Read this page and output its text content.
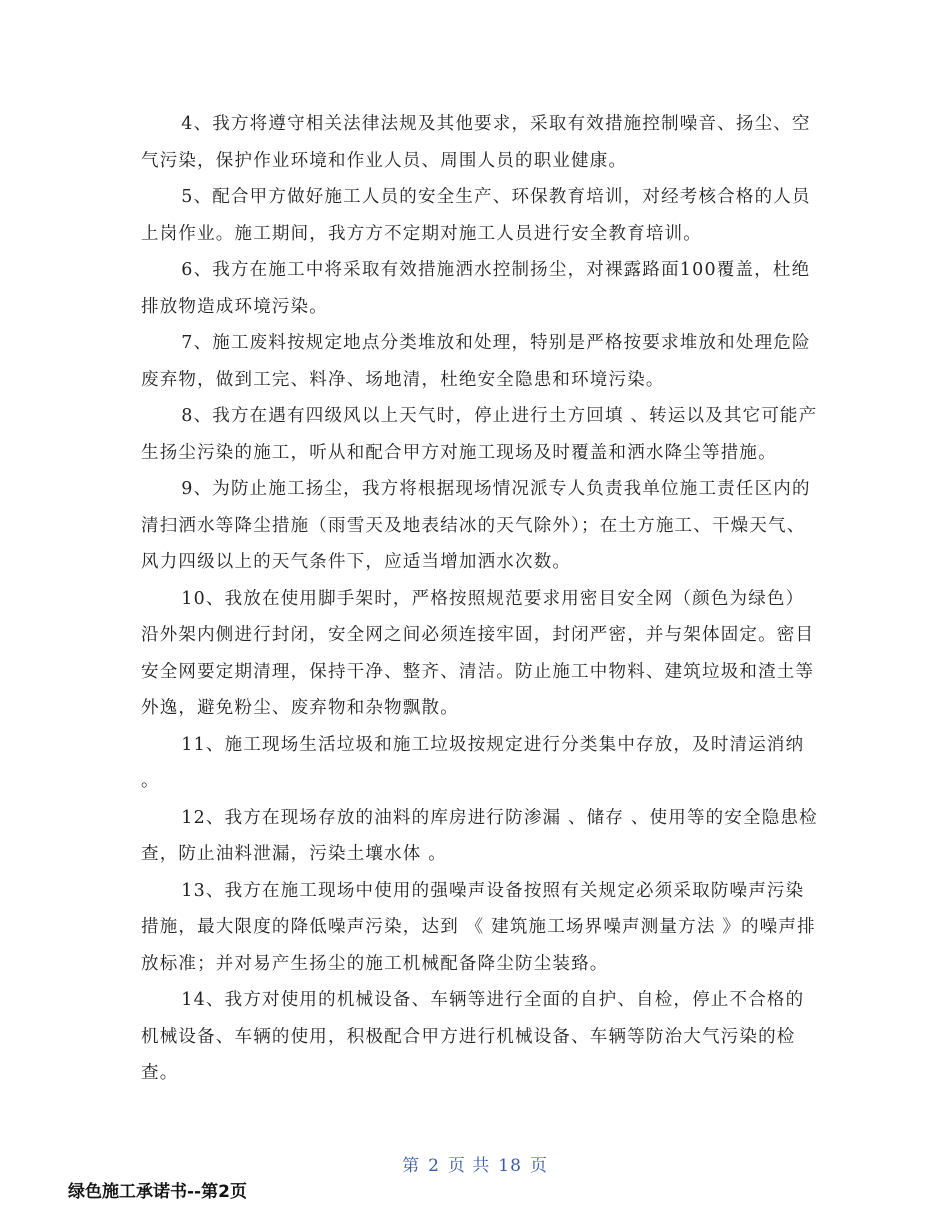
4、我方将遵守相关法律法规及其他要求，采取有效措施控制噪音、扬尘、空气污染，保护作业环境和作业人员、周围人员的职业健康。

5、配合甲方做好施工人员的安全生产、环保教育培训，对经考核合格的人员上岗作业。施工期间，我方方不定期对施工人员进行安全教育培训。

6、我方在施工中将采取有效措施洒水控制扬尘，对裸露路面100覆盖，杜绝排放物造成环境污染。

7、施工废料按规定地点分类堆放和处理，特别是严格按要求堆放和处理危险废弃物，做到工完、料净、场地清，杜绝安全隐患和环境污染。

8、我方在遇有四级风以上天气时，停止进行土方回填 、转运以及其它可能产生扬尘污染的施工，听从和配合甲方对施工现场及时覆盖和洒水降尘等措施。

9、为防止施工扬尘，我方将根据现场情况派专人负责我单位施工责任区内的清扫洒水等降尘措施（雨雪天及地表结冰的天气除外）；在土方施工、干燥天气、风力四级以上的天气条件下，应适当增加洒水次数。

10、我放在使用脚手架时，严格按照规范要求用密目安全网（颜色为绿色）沿外架内侧进行封闭，安全网之间必须连接牢固，封闭严密，并与架体固定。密目安全网要定期清理，保持干净、整齐、清洁。防止施工中物料、建筑垃圾和渣土等外逸，避免粉尘、废弃物和杂物飘散。

11、施工现场生活垃圾和施工垃圾按规定进行分类集中存放，及时清运消纳 。

12、我方在现场存放的油料的库房进行防渗漏 、储存 、使用等的安全隐患检查，防止油料泄漏，污染土壤水体 。

13、我方在施工现场中使用的强噪声设备按照有关规定必须采取防噪声污染措施，最大限度的降低噪声污染，达到 《 建筑施工场界噪声测量方法 》的噪声排放标准；并对易产生扬尘的施工机械配备降尘防尘装臵。

14、我方对使用的机械设备、车辆等进行全面的自护、自检，停止不合格的机械设备、车辆的使用，积极配合甲方进行机械设备、车辆等防治大气污染的检查。

第 2 页 共 18 页
绿色施工承诺书--第2页
